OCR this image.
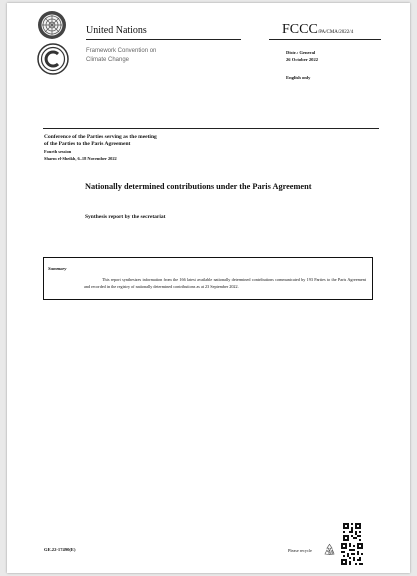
United Nations
Framework Convention on
Climate Change
FCCC/PA/CMA/2022/4
Distr.: General
26 October 2022
English only
Conference of the Parties serving as the meeting
of the Parties to the Paris Agreement
Fourth session
Sharm el-Sheikh, 6–18 November 2022
Nationally determined contributions under the Paris Agreement
Synthesis report by the secretariat
Summary
This report synthesizes information from the 166 latest available nationally determined contributions communicated by 193 Parties to the Paris Agreement and recorded in the registry of nationally determined contributions as at 23 September 2022.
GE.22-17490(E)	Please recycle
